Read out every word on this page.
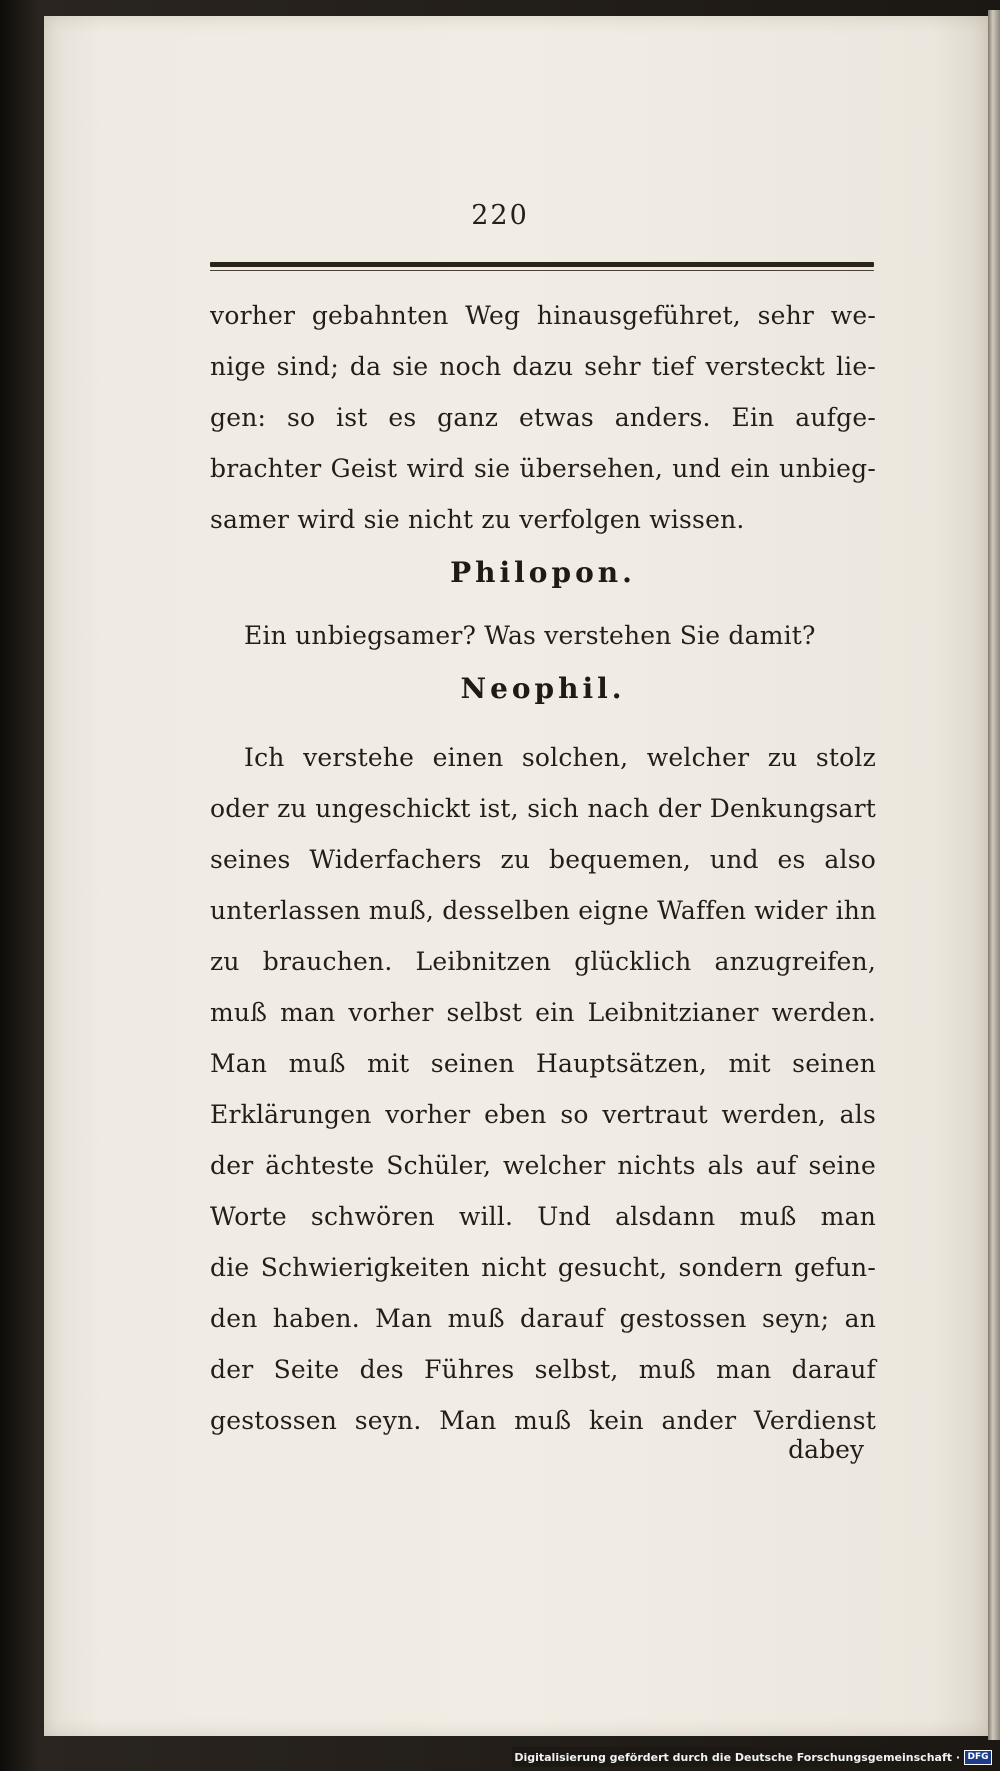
220
vorher gebahnten Weg hinausgeführet, sehr we-
nige sind; da sie noch dazu sehr tief versteckt lie-
gen: so ist es ganz etwas anders. Ein aufge-
brachter Geist wird sie übersehen, und ein unbieg-
samer wird sie nicht zu verfolgen wissen.
Philopon.
Ein unbiegsamer? Was verstehen Sie damit?
Neophil.
Ich verstehe einen solchen, welcher zu stolz
oder zu ungeschickt ist, sich nach der Denkungsart
seines Widerfachers zu bequemen, und es also
unterlassen muß, desselben eigne Waffen wider ihn
zu brauchen. Leibnitzen glücklich anzugreifen,
muß man vorher selbst ein Leibnitzianer werden.
Man muß mit seinen Hauptsätzen, mit seinen
Erklärungen vorher eben so vertraut werden, als
der ächteste Schüler, welcher nichts als auf seine
Worte schwören will. Und alsdann muß man
die Schwierigkeiten nicht gesucht, sondern gefun-
den haben. Man muß darauf gestossen seyn; an
der Seite des Führes selbst, muß man darauf
gestossen seyn. Man muß kein ander Verdienst
dabey
Digitalisierung gefördert durch die Deutsche Forschungsgemeinschaft · DFG
